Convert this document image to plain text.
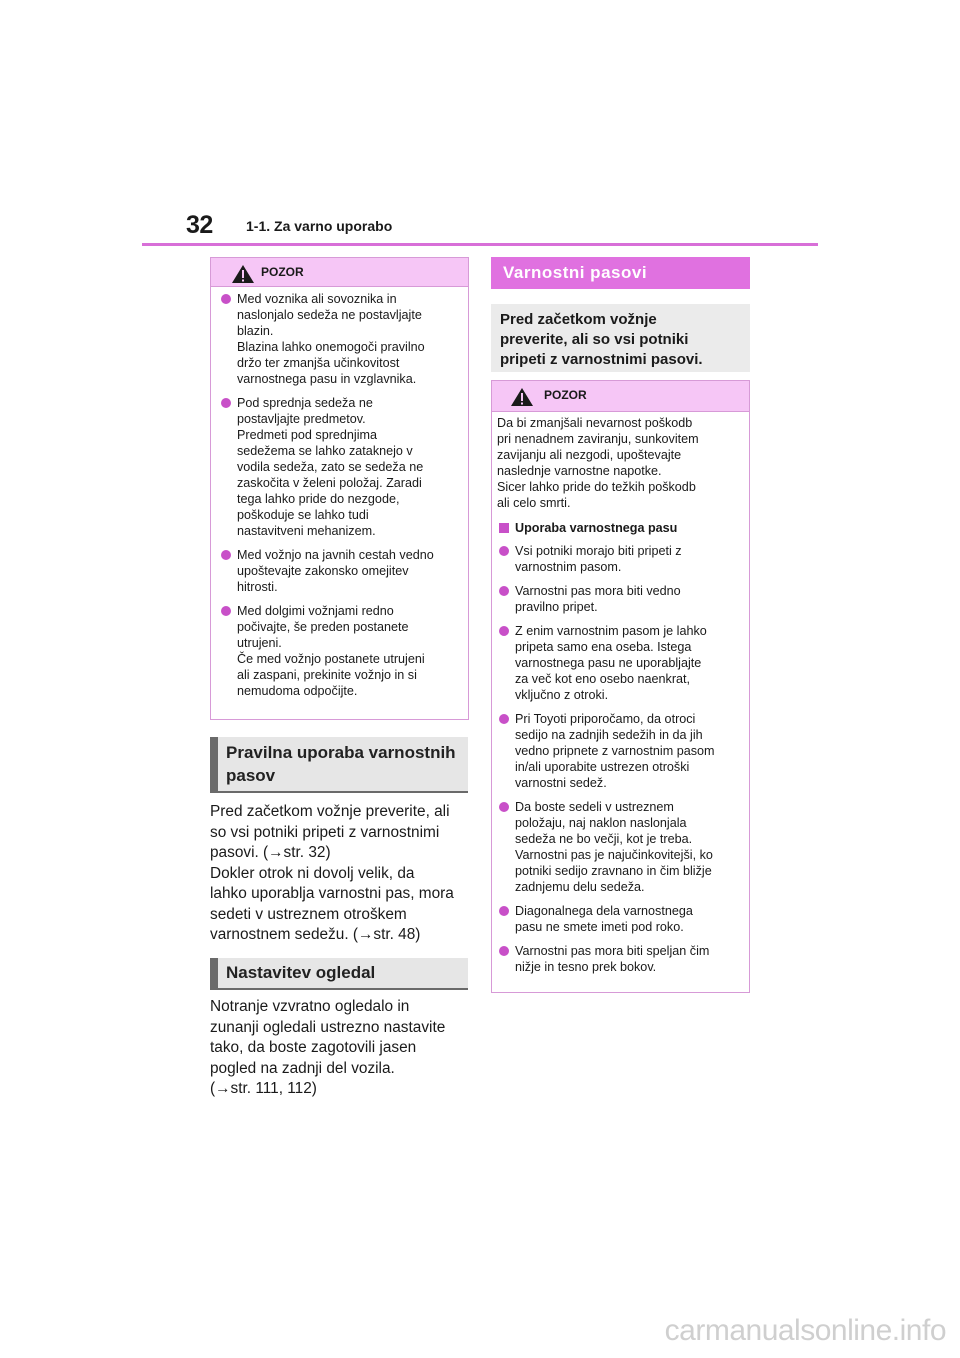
32 1-1. Za varno uporabo
POZOR
Med voznika ali sovoznika in
naslonjalo sedeža ne postavljajte
blazin.
Blazina lahko onemogoči pravilno
držo ter zmanjša učinkovitost
varnostnega pasu in vzglavnika.
Pod sprednja sedeža ne
postavljajte predmetov.
Predmeti pod sprednjima
sedežema se lahko zataknejo v
vodila sedeža, zato se sedeža ne
zaskočita v želeni položaj. Zaradi
tega lahko pride do nezgode,
poškoduje se lahko tudi
nastavitveni mehanizem.
Med vožnjo na javnih cestah vedno
upoštevajte zakonsko omejitev
hitrosti.
Med dolgimi vožnjami redno
počivajte, še preden postanete
utrujeni.
Če med vožnjo postanete utrujeni
ali zaspani, prekinite vožnjo in si
nemudoma odpočijte.
Pravilna uporaba varnostnih
pasov
Pred začetkom vožnje preverite, ali
so vsi potniki pripeti z varnostnimi
pasovi. (→str. 32)
Dokler otrok ni dovolj velik, da
lahko uporablja varnostni pas, mora
sedeti v ustreznem otroškem
varnostnem sedežu. (→str. 48)
Nastavitev ogledal
Notranje vzvratno ogledalo in
zunanji ogledali ustrezno nastavite
tako, da boste zagotovili jasen
pogled na zadnji del vozila.
(→str. 111, 112)
Varnostni pasovi
Pred začetkom vožnje
preverite, ali so vsi potniki
pripeti z varnostnimi pasovi.
POZOR
Da bi zmanjšali nevarnost poškodb
pri nenadnem zaviranju, sunkovitem
zavijanju ali nezgodi, upoštevajte
naslednje varnostne napotke.
Sicer lahko pride do težkih poškodb
ali celo smrti.
Uporaba varnostnega pasu
Vsi potniki morajo biti pripeti z
varnostnim pasom.
Varnostni pas mora biti vedno
pravilno pripet.
Z enim varnostnim pasom je lahko
pripeta samo ena oseba. Istega
varnostnega pasu ne uporabljajte
za več kot eno osebo naenkrat,
vključno z otroki.
Pri Toyoti priporočamo, da otroci
sedijo na zadnjih sedežih in da jih
vedno pripnete z varnostnim pasom
in/ali uporabite ustrezen otroški
varnostni sedež.
Da boste sedeli v ustreznem
položaju, naj naklon naslonjala
sedeža ne bo večji, kot je treba.
Varnostni pas je najučinkovitejši, ko
potniki sedijo zravnano in čim bližje
zadnjemu delu sedeža.
Diagonalnega dela varnostnega
pasu ne smete imeti pod roko.
Varnostni pas mora biti speljan čim
nižje in tesno prek bokov.
carmanualsonline.info
